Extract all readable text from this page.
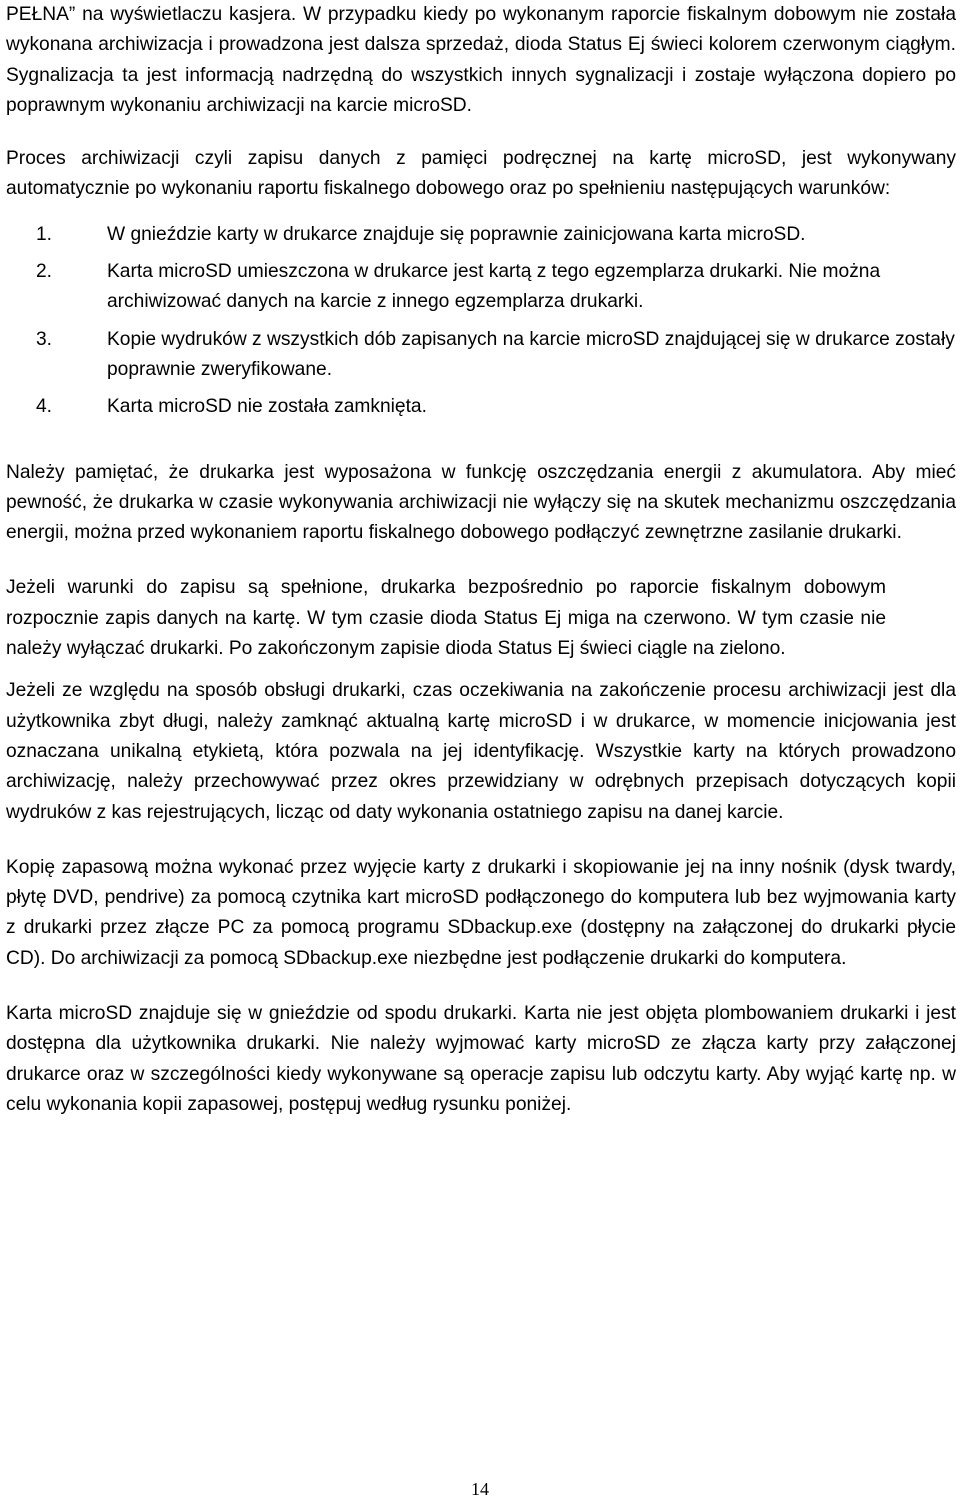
PEŁNA” na wyświetlaczu kasjera. W przypadku kiedy po wykonanym raporcie fiskalnym dobowym nie została wykonana archiwizacja i prowadzona jest dalsza sprzedaż, dioda Status Ej świeci kolorem czerwonym ciągłym. Sygnalizacja ta jest informacją nadrzędną do wszystkich innych sygnalizacji i zostaje wyłączona dopiero po poprawnym wykonaniu archiwizacji na karcie microSD.

Proces archiwizacji czyli zapisu danych z pamięci podręcznej na kartę microSD, jest wykonywany automatycznie po wykonaniu raportu fiskalnego dobowego oraz po spełnieniu następujących warunków:

1.	W gnieździe karty w drukarce znajduje się poprawnie zainicjowana karta microSD.
2.	Karta microSD umieszczona w drukarce jest kartą z tego egzemplarza drukarki. Nie można archiwizować danych na karcie z innego egzemplarza drukarki.
3.	Kopie wydruków z wszystkich dób zapisanych na karcie microSD znajdującej się w drukarce zostały poprawnie zweryfikowane.
4.	Karta microSD nie została zamknięta.

Należy pamiętać, że drukarka jest wyposażona w funkcję oszczędzania energii z akumulatora. Aby mieć pewność, że drukarka w czasie wykonywania archiwizacji nie wyłączy się na skutek mechanizmu oszczędzania energii, można przed wykonaniem raportu fiskalnego dobowego podłączyć zewnętrzne zasilanie drukarki.

Jeżeli warunki do zapisu są spełnione, drukarka bezpośrednio po raporcie fiskalnym dobowym rozpocznie zapis danych na kartę. W tym czasie dioda Status Ej miga na czerwono. W tym czasie nie należy wyłączać drukarki. Po zakończonym zapisie dioda Status Ej świeci ciągle na zielono.

Jeżeli ze względu na sposób obsługi drukarki, czas oczekiwania na zakończenie procesu archiwizacji jest dla użytkownika zbyt długi, należy zamknąć aktualną kartę microSD i w drukarce, w momencie inicjowania jest oznaczana unikalną etykietą, która pozwala na jej identyfikację. Wszystkie karty na których prowadzono archiwizację, należy przechowywać przez okres przewidziany w odrębnych przepisach dotyczących kopii wydruków z kas rejestrujących, licząc od daty wykonania ostatniego zapisu na danej karcie.

Kopię zapasową można wykonać przez wyjęcie karty z drukarki i skopiowanie jej na inny nośnik (dysk twardy, płytę DVD, pendrive) za pomocą czytnika kart microSD podłączonego do komputera lub bez wyjmowania karty z drukarki przez złącze PC za pomocą programu SDbackup.exe (dostępny na załączonej do drukarki płycie CD). Do archiwizacji za pomocą SDbackup.exe niezbędne jest podłączenie drukarki do komputera.

Karta microSD znajduje się w gnieździe od spodu drukarki. Karta nie jest objęta plombowaniem drukarki i jest dostępna dla użytkownika drukarki. Nie należy wyjmować karty microSD ze złącza karty przy załączonej drukarce oraz w szczególności kiedy wykonywane są operacje zapisu lub odczytu karty. Aby wyjąć kartę np. w celu wykonania kopii zapasowej, postępuj według rysunku poniżej.

14
